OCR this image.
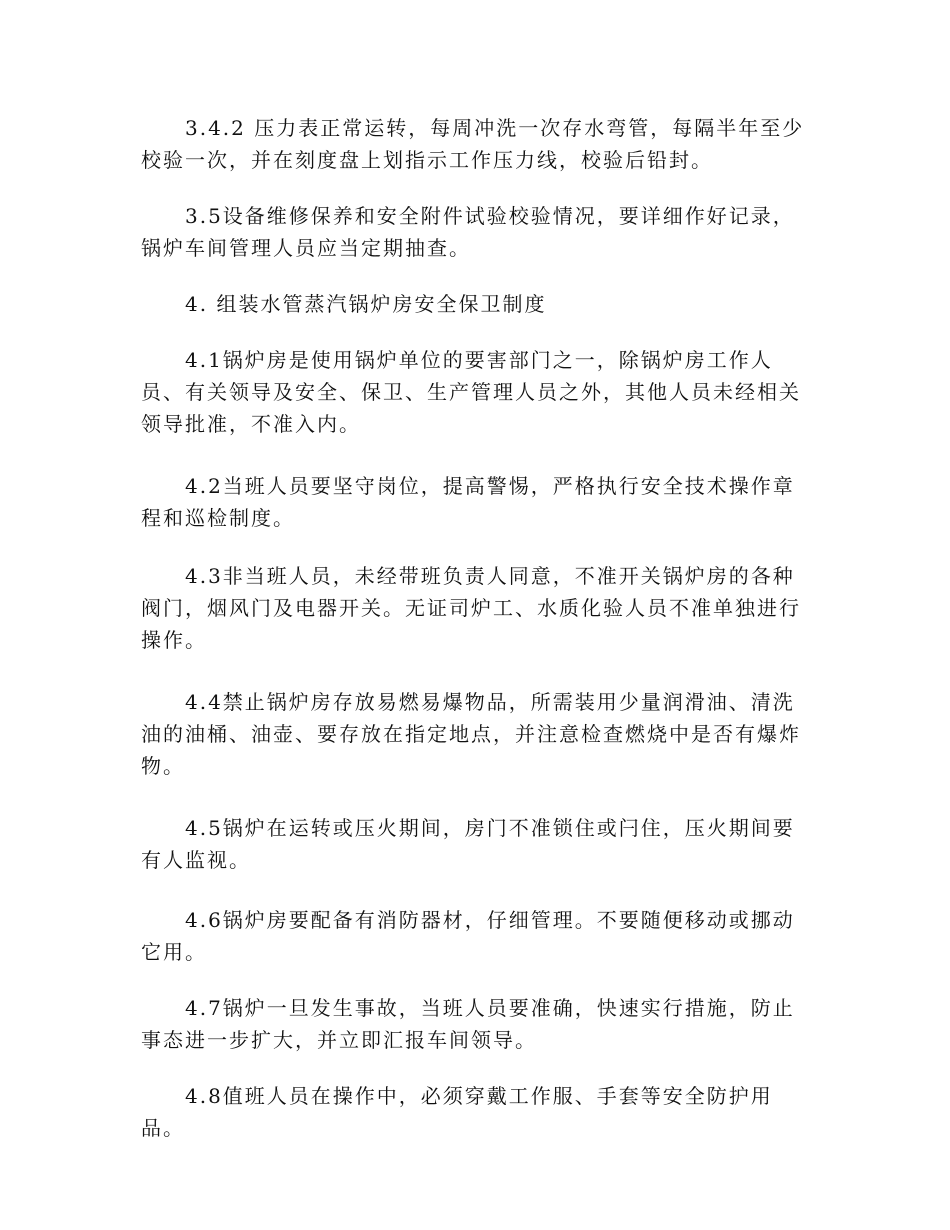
3.4.2 压力表正常运转，每周冲洗一次存水弯管，每隔半年至少校验一次，并在刻度盘上划指示工作压力线，校验后铅封。

3.5设备维修保养和安全附件试验校验情况，要详细作好记录，锅炉车间管理人员应当定期抽查。

4. 组装水管蒸汽锅炉房安全保卫制度

4.1锅炉房是使用锅炉单位的要害部门之一，除锅炉房工作人员、有关领导及安全、保卫、生产管理人员之外，其他人员未经相关领导批准，不准入内。

4.2当班人员要坚守岗位，提高警惕，严格执行安全技术操作章程和巡检制度。

4.3非当班人员，未经带班负责人同意，不准开关锅炉房的各种阀门，烟风门及电器开关。无证司炉工、水质化验人员不准单独进行操作。

4.4禁止锅炉房存放易燃易爆物品，所需装用少量润滑油、清洗油的油桶、油壶、要存放在指定地点，并注意检查燃烧中是否有爆炸物。

4.5锅炉在运转或压火期间，房门不准锁住或闩住，压火期间要有人监视。

4.6锅炉房要配备有消防器材，仔细管理。不要随便移动或挪动它用。

4.7锅炉一旦发生事故，当班人员要准确，快速实行措施，防止事态进一步扩大，并立即汇报车间领导。

4.8值班人员在操作中，必须穿戴工作服、手套等安全防护用品。
